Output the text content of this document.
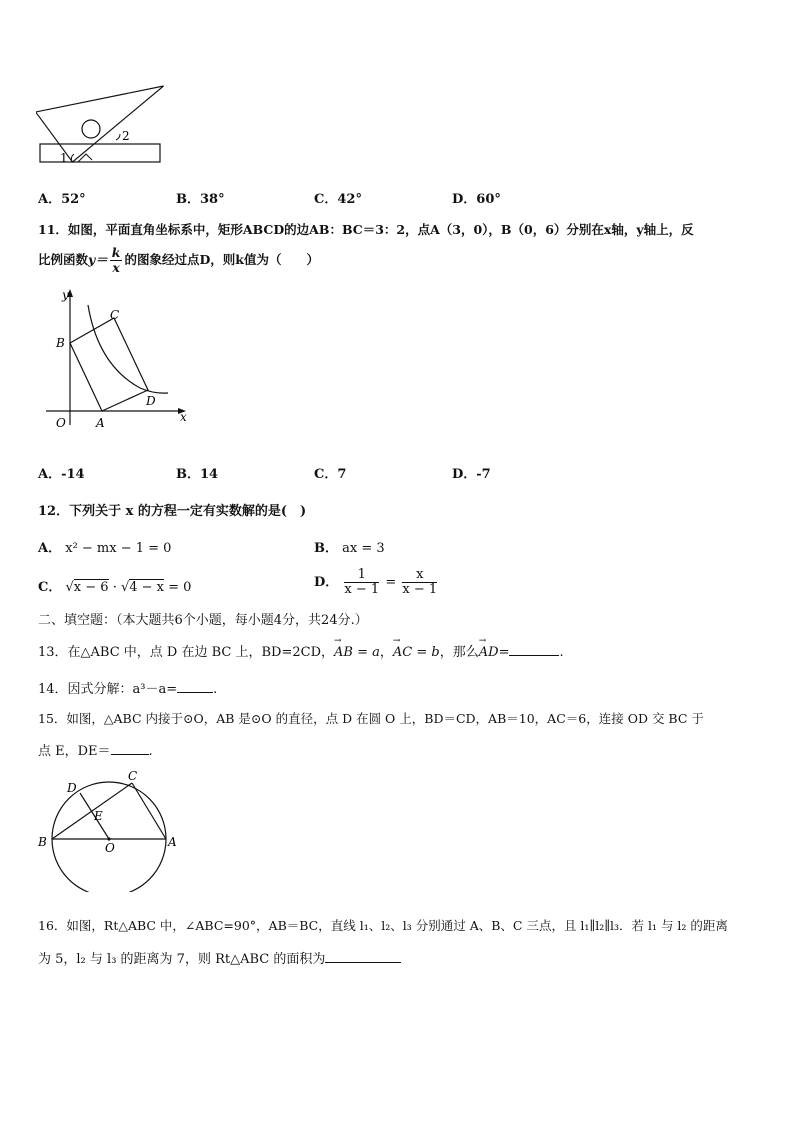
1
2
A．52°	B．38°	C．42°	D．60°
11．如图，平面直角坐标系中，矩形ABCD的边AB：BC＝3：2，点A（3，0），B（0，6）分别在x轴，y轴上，反
比例函数$y= \frac{k}{x}$ 的图象经过点D，则k值为（　　）
y
x
O	A
B
C
D
A．-14	B．14	C．7	D．-7
12．下列关于 x 的方程一定有实数解的是(　)
A． x² − mx − 1 = 0	B． ax = 3
C． √x − 6 · √4 − x = 0	D． $\frac{1}{x - 1} = \frac{x}{x - 1}$
二、填空题：（本大题共6个小题，每小题4分，共24分.）
13．在△ABC 中，点 D 在边 BC 上，BD=2CD，→ AB = a，→ AC = b，那么→ AD=	.
14．因式分解：a³－a=	.
15．如图，△ABC 内接于⊙O，AB 是⊙O 的直径，点 D 在圆 O 上，BD＝CD，AB＝10，AC＝6，连接 OD 交 BC 于
点 E，DE＝	.
D
C
E
B	O	A
16．如图，Rt△ABC 中，∠ABC=90°，AB＝BC，直线 l₁、l₂、l₃ 分别通过 A、B、C 三点，且 l₁∥l₂∥l₃．若 l₁ 与 l₂ 的距离
为 5，l₂ 与 l₃ 的距离为 7，则 Rt△ABC 的面积为
